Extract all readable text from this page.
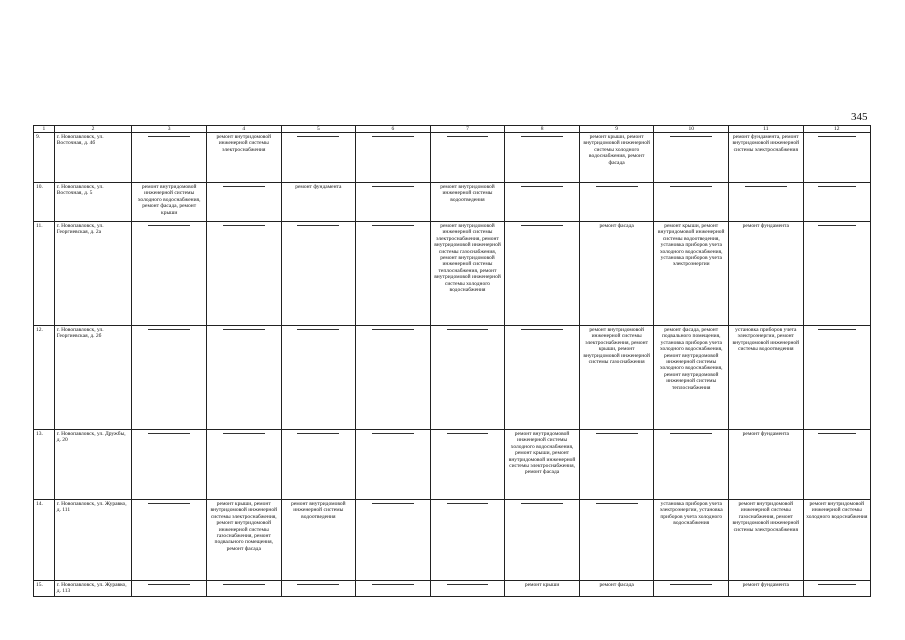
345
1	2	3	4	5	6	7	8	9	10	11	12
9.	г. Новопавловск, ул. Восточная, д. 4б		ремонт внутридомовой инженерной системы электроснабжения					ремонт крыши, ремонт внутридомовой инженерной системы холодного водоснабжения, ремонт фасада		ремонт фундамента, ремонт внутридомовой инженерной системы электроснабжения	

10.	г. Новопавловск, ул. Восточная, д. 5	ремонт внутридомовой инженерной системы холодного водоснабжения, ремонт фасада, ремонт крыши		ремонт фундамента		ремонт внутридомовой инженерной системы водоотведения	

11.	г. Новопавловск, ул. Георгиевская, д. 2а					ремонт внутридомовой инженерной системы электроснабжения, ремонт внутридомовой инженерной системы газоснабжения, ремонт внутридомовой инженерной системы теплоснабжения, ремонт внутридомовой инженерной системы холодного водоснабжения		ремонт фасада	ремонт крыши, ремонт внутридомовой инженерной системы водоотведения, установка приборов учета холодного водоснабжения, установка приборов учета электроэнергии	ремонт фундамента	

12.	г. Новопавловск, ул. Георгиевская, д. 2б							ремонт внутридомовой инженерной системы электроснабжения, ремонт крыши, ремонт внутридомовой инженерной системы газоснабжения	ремонт фасада, ремонт подвального помещения, установка приборов учета холодного водоснабжения, ремонт внутридомовой инженерной системы холодного водоснабжения, ремонт внутридомовой инженерной системы теплоснабжения	установка приборов учета электроэнергии, ремонт внутридомовой инженерной системы водоотведения	

13.	г. Новопавловск, ул. Дружбы, д. 20						ремонт внутридомовой инженерной системы холодного водоснабжения, ремонт крыши, ремонт внутридомовой инженерной системы электроснабжения, ремонт фасада			ремонт фундамента	

14.	г. Новопавловск, ул. Журавко, д. 111		ремонт крыши, ремонт внутридомовой инженерной системы электроснабжения, ремонт внутридомовой инженерной системы газоснабжения, ремонт подвального помещения, ремонт фасада	ремонт внутридомовой инженерной системы водоотведения					установка приборов учета электроэнергии, установка приборов учета холодного водоснабжения	ремонт внутридомовой инженерной системы газоснабжения, ремонт внутридомовой инженерной системы электроснабжения	ремонт внутридомовой инженерной системы холодного водоснабжения
15.	г. Новопавловск, ул. Журавко, д. 113						ремонт крыши	ремонт фасада		ремонт фундамента	
